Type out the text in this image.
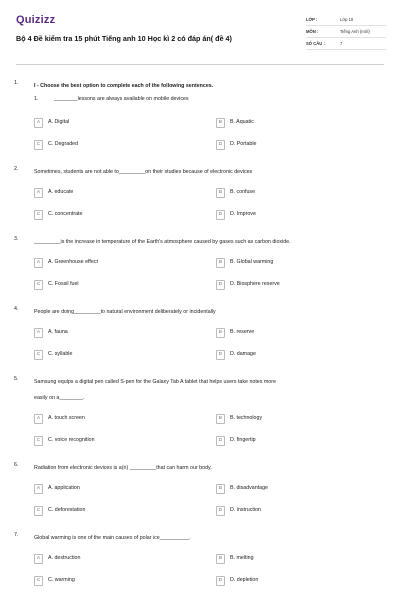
Quizizz
Bộ 4 Đề kiểm tra 15 phút Tiếng anh 10 Học kì 2 có đáp án( đề 4)
LỚP :	Lớp 10
MÔN :	Tiếng Anh (mới)
SỐ CÂU :	7
1.	I - Choose the best option to complete each of the following sentences.
1.	________lessons are always available on mobile devices
A	A. Digital	B	B. Aquatic
C	C. Degraded	D	D. Portable
2.	Sometimes, students are not able to_________on their studies because of electronic devices
A	A. educate	B	B. confuse
C	C. concentrate	D	D. Improve
3.	_________is the increase in temperature of the Earth's atmosphere caused by gases such as carbon dioxide.
A	A. Greenhouse effect	B	B. Global warming
C	C. Fossil fuel	D	D. Biosphere reserve
4.	People are doing_________to natural environment deliberately or incidentally
A	A. fauna	B	B. reserve
C	C. syllable	D	D. damage
5.	Samsung equips a digital pen called S-pen for the Galaxy Tab A tablet that helps users take notes more
easily on a________.
A	A. touch screen	B	B. technology
C	C. voice recognition	D	D. fingertip
6.	Radiation from electronic devices is a(n) _________that can harm our body.
A	A. application	B	B. disadvantage
C	C. deforestation	D	D. instruction
7.	Global warming is one of the main causes of polar ice__________.
A	A. destruction	B	B. melting
C	C. warming	D	D. depletion
